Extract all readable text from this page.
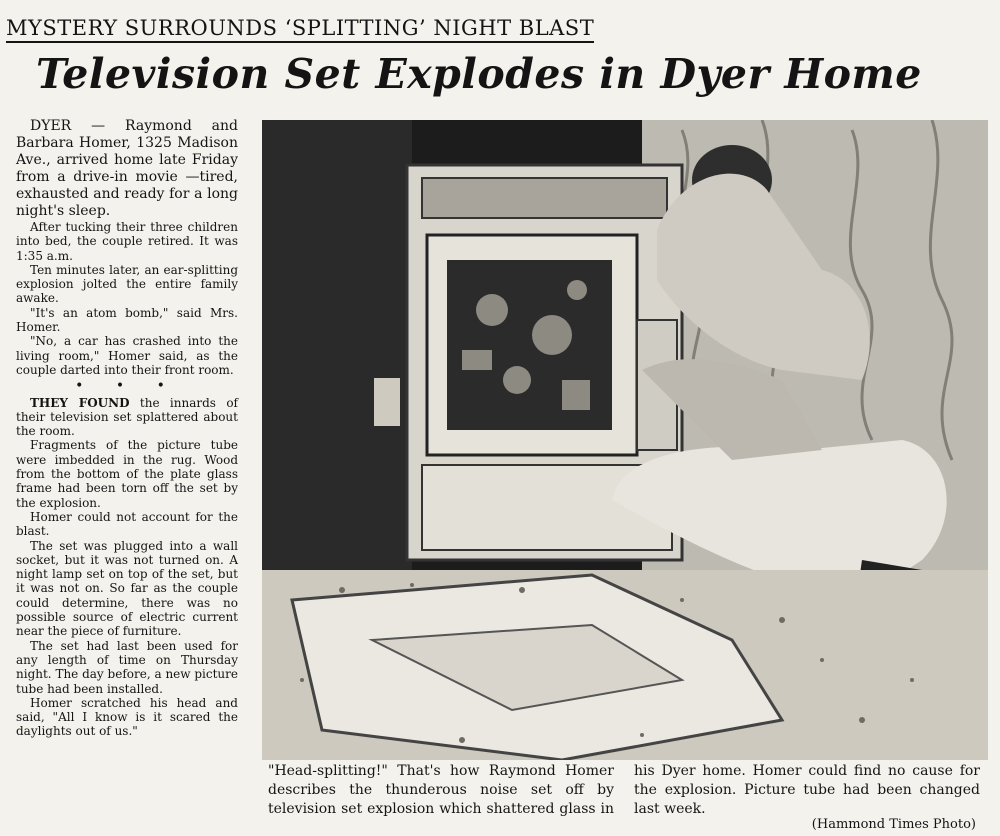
MYSTERY SURROUNDS ‘SPLITTING’ NIGHT BLAST
Television Set Explodes in Dyer Home

DYER — Raymond and Barbara Homer, 1325 Madison Ave., arrived home late Friday from a drive-in movie —tired, exhausted and ready for a long night's sleep.

After tucking their three children into bed, the couple retired. It was 1:35 a.m.

Ten minutes later, an ear-splitting explosion jolted the entire family awake.

"It's an atom bomb," said Mrs. Homer.

"No, a car has crashed into the living room," Homer said, as the couple darted into their front room.

• • •

THEY FOUND the innards of their television set splattered about the room.

Fragments of the picture tube were imbedded in the rug. Wood from the bottom of the plate glass frame had been torn off the set by the explosion.

Homer could not account for the blast.

The set was plugged into a wall socket, but it was not turned on. A night lamp set on top of the set, but it was not on. So far as the couple could determine, there was no possible source of electric current near the piece of furniture.

The set had last been used for any length of time on Thursday night. The day before, a new picture tube had been installed.

Homer scratched his head and said, "All I know is it scared the daylights out of us."

"Head-splitting!" That's how Raymond Homer describes the thunderous noise set off by television set explosion which shattered glass in his Dyer home. Homer could find no cause for the explosion. Picture tube had been changed last week.

(Hammond Times Photo)
